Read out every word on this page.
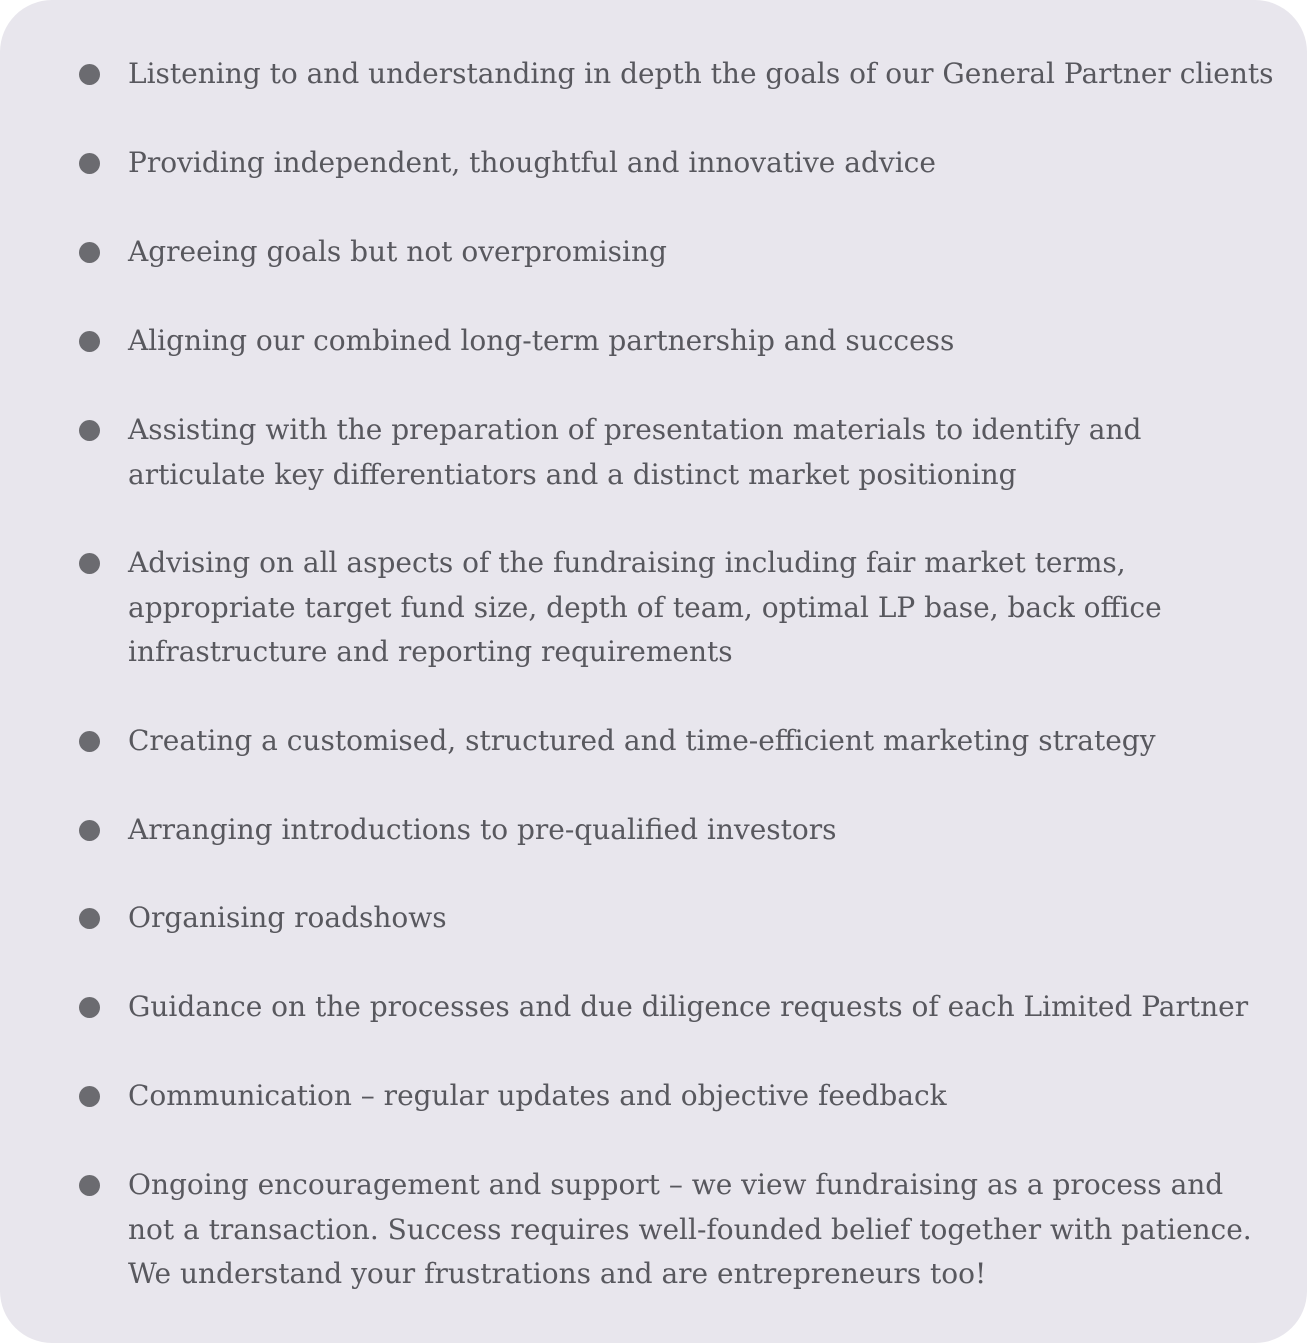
Listening to and understanding in depth the goals of our General Partner clients

Providing independent, thoughtful and innovative advice

Agreeing goals but not overpromising

Aligning our combined long-term partnership and success

Assisting with the preparation of presentation materials to identify and articulate key differentiators and a distinct market positioning

Advising on all aspects of the fundraising including fair market terms, appropriate target fund size, depth of team, optimal LP base, back office infrastructure and reporting requirements

Creating a customised, structured and time-efficient marketing strategy

Arranging introductions to pre-qualified investors

Organising roadshows

Guidance on the processes and due diligence requests of each Limited Partner

Communication – regular updates and objective feedback

Ongoing encouragement and support – we view fundraising as a process and not a transaction. Success requires well-founded belief together with patience. We understand your frustrations and are entrepreneurs too!
